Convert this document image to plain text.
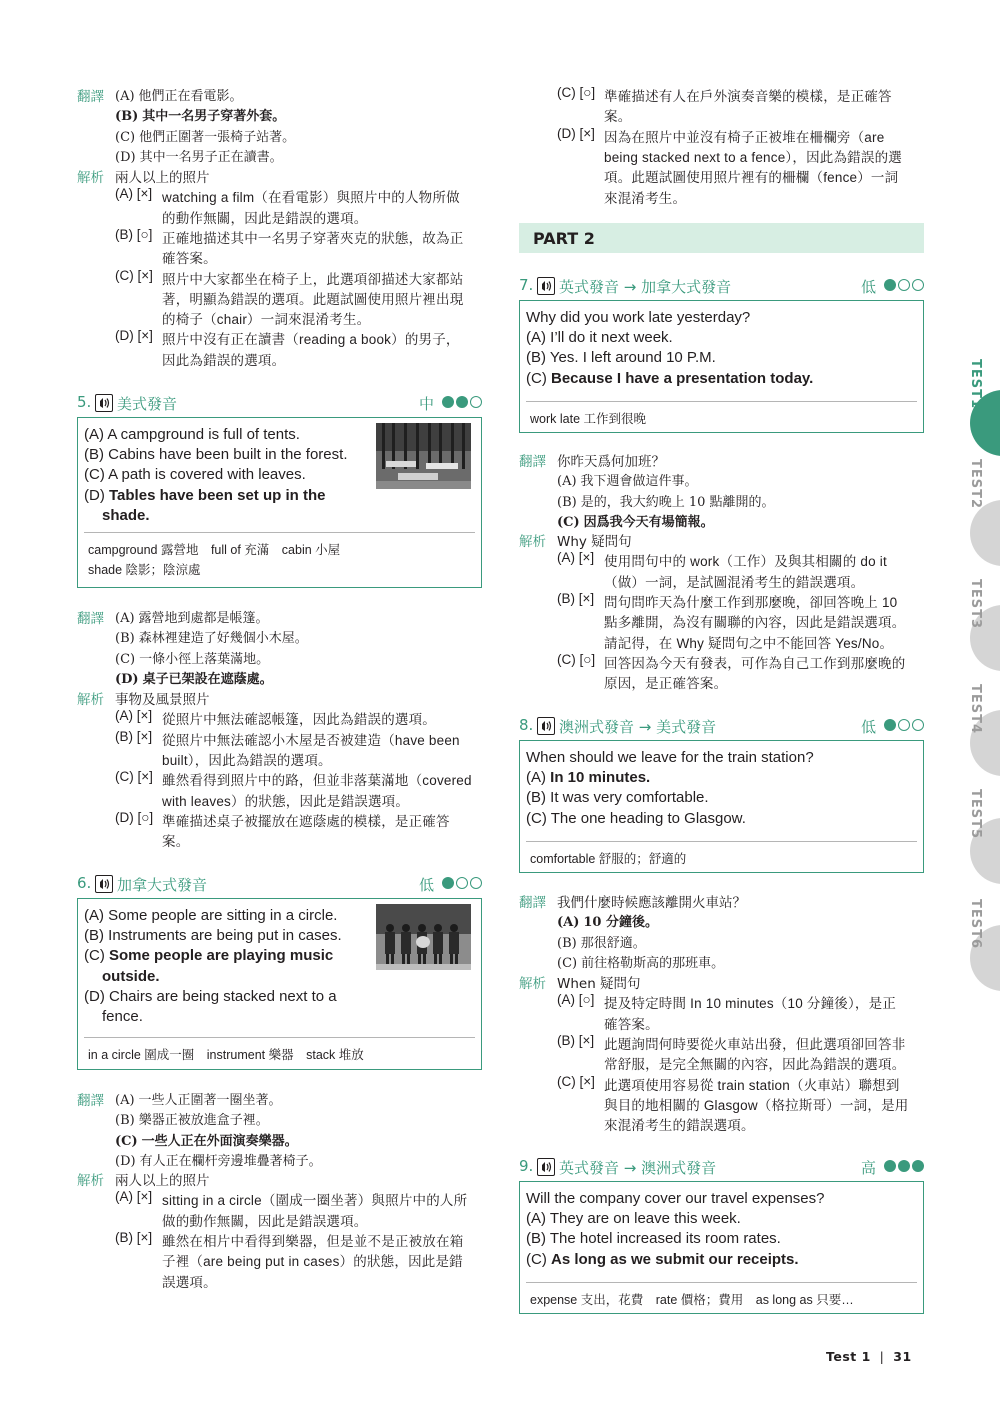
翻譯 (A) 他們正在看電影。
(B) 其中一名男子穿著外套。
(C) 他們正圍著一張椅子站著。
(D) 其中一名男子正在讀書。
解析 兩人以上的照片
(A) [×] watching a film（在看電影）與照片中的人物所做
的動作無關，因此是錯誤的選項。
(B) [○] 正確地描述其中一名男子穿著夾克的狀態，故為正
確答案。
(C) [×] 照片中大家都坐在椅子上，此選項卻描述大家都站
著，明顯為錯誤的選項。此題試圖使用照片裡出現
的椅子（chair）一詞來混淆考生。
(D) [×] 照片中沒有正在讀書（reading a book）的男子，
因此為錯誤的選項。
5. 美式發音	中
(A) A campground is full of tents.
(B) Cabins have been built in the forest.
(C) A path is covered with leaves.
(D) Tables have been set up in the
shade.
campground 露營地　full of 充滿　cabin 小屋
shade 陰影；陰涼處
翻譯 (A) 露營地到處都是帳篷。
(B) 森林裡建造了好幾個小木屋。
(C) 一條小徑上落葉滿地。
(D) 桌子已架設在遮蔭處。
解析 事物及風景照片
(A) [×] 從照片中無法確認帳篷，因此為錯誤的選項。
(B) [×] 從照片中無法確認小木屋是否被建造（have been
built），因此為錯誤的選項。
(C) [×] 雖然看得到照片中的路，但並非落葉滿地（covered
with leaves）的狀態，因此是錯誤選項。
(D) [○] 準確描述桌子被擺放在遮蔭處的模樣，是正確答
案。
6. 加拿大式發音	低
(A) Some people are sitting in a circle.
(B) Instruments are being put in cases.
(C) Some people are playing music
outside.
(D) Chairs are being stacked next to a
fence.
in a circle 圍成一圈　instrument 樂器　stack 堆放
翻譯 (A) 一些人正圍著一圈坐著。
(B) 樂器正被放進盒子裡。
(C) 一些人正在外面演奏樂器。
(D) 有人正在欄杆旁邊堆疊著椅子。
解析 兩人以上的照片
(A) [×] sitting in a circle（圍成一圈坐著）與照片中的人所
做的動作無關，因此是錯誤選項。
(B) [×] 雖然在相片中看得到樂器，但是並不是正被放在箱
子裡（are being put in cases）的狀態，因此是錯
誤選項。
(C) [○] 準確描述有人在戶外演奏音樂的模樣，是正確答
案。
(D) [×] 因為在照片中並沒有椅子正被堆在柵欄旁（are
being stacked next to a fence），因此為錯誤的選
項。此題試圖使用照片裡有的柵欄（fence）一詞
來混淆考生。
PART 2
7. 英式發音 → 加拿大式發音	低
Why did you work late yesterday?
(A) I’ll do it next week.
(B) Yes. I left around 10 P.M.
(C) Because I have a presentation today.
work late 工作到很晚
翻譯 你昨天爲何加班？
(A) 我下週會做這件事。
(B) 是的，我大約晚上 10 點離開的。
(C) 因爲我今天有場簡報。
解析 Why 疑問句
(A) [×] 使用問句中的 work（工作）及與其相關的 do it
（做）一詞，是試圖混淆考生的錯誤選項。
(B) [×] 問句問昨天為什麼工作到那麼晚，卻回答晚上 10
點多離開，為沒有關聯的內容，因此是錯誤選項。
請記得，在 Why 疑問句之中不能回答 Yes/No。
(C) [○] 回答因為今天有發表，可作為自己工作到那麼晚的
原因，是正確答案。
8. 澳洲式發音 → 美式發音	低
When should we leave for the train station?
(A) In 10 minutes.
(B) It was very comfortable.
(C) The one heading to Glasgow.
comfortable 舒服的；舒適的
翻譯 我們什麼時候應該離開火車站？
(A) 10 分鐘後。
(B) 那很舒適。
(C) 前往格勒斯高的那班車。
解析 When 疑問句
(A) [○] 提及特定時間 In 10 minutes（10 分鐘後），是正
確答案。
(B) [×] 此題詢問何時要從火車站出發，但此選項卻回答非
常舒服，是完全無關的內容，因此為錯誤的選項。
(C) [×] 此選項使用容易從 train station（火車站）聯想到
與目的地相關的 Glasgow（格拉斯哥）一詞，是用
來混淆考生的錯誤選項。
9. 英式發音 → 澳洲式發音	高
Will the company cover our travel expenses?
(A) They are on leave this week.
(B) The hotel increased its room rates.
(C) As long as we submit our receipts.
expense 支出，花費　rate 價格；費用　as long as 只要…
TEST1
TEST2
TEST3
TEST4
TEST5
TEST6
Test 1 | 31
